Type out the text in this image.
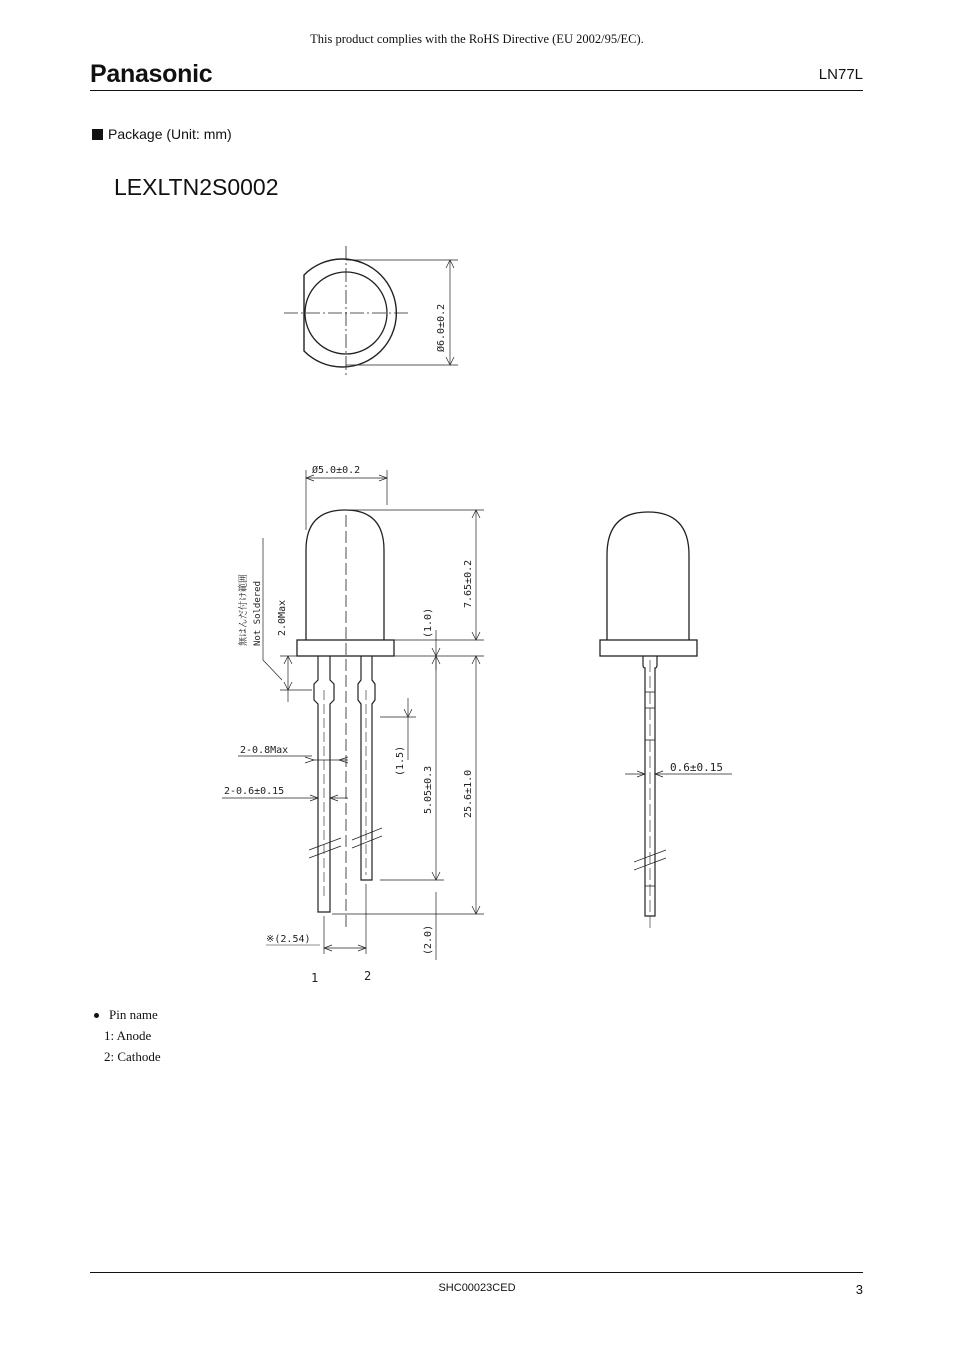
This product complies with the RoHS Directive (EU 2002/95/EC).
Panasonic	LN77L
Package (Unit: mm)
LEXLTN2S0002
Ø6.0±0.2
Ø5.0±0.2
7.65±0.2
(1.0)
2.0Max
無はんだ付け範囲 Not Soldered
2-0.8Max
2-0.6±0.15
(1.5)
5.05±0.3	25.6±1.0
(2.0)
※(2.54)
1	2
0.6±0.15
Pin name
1: Anode
2: Cathode
SHC00023CED	3
